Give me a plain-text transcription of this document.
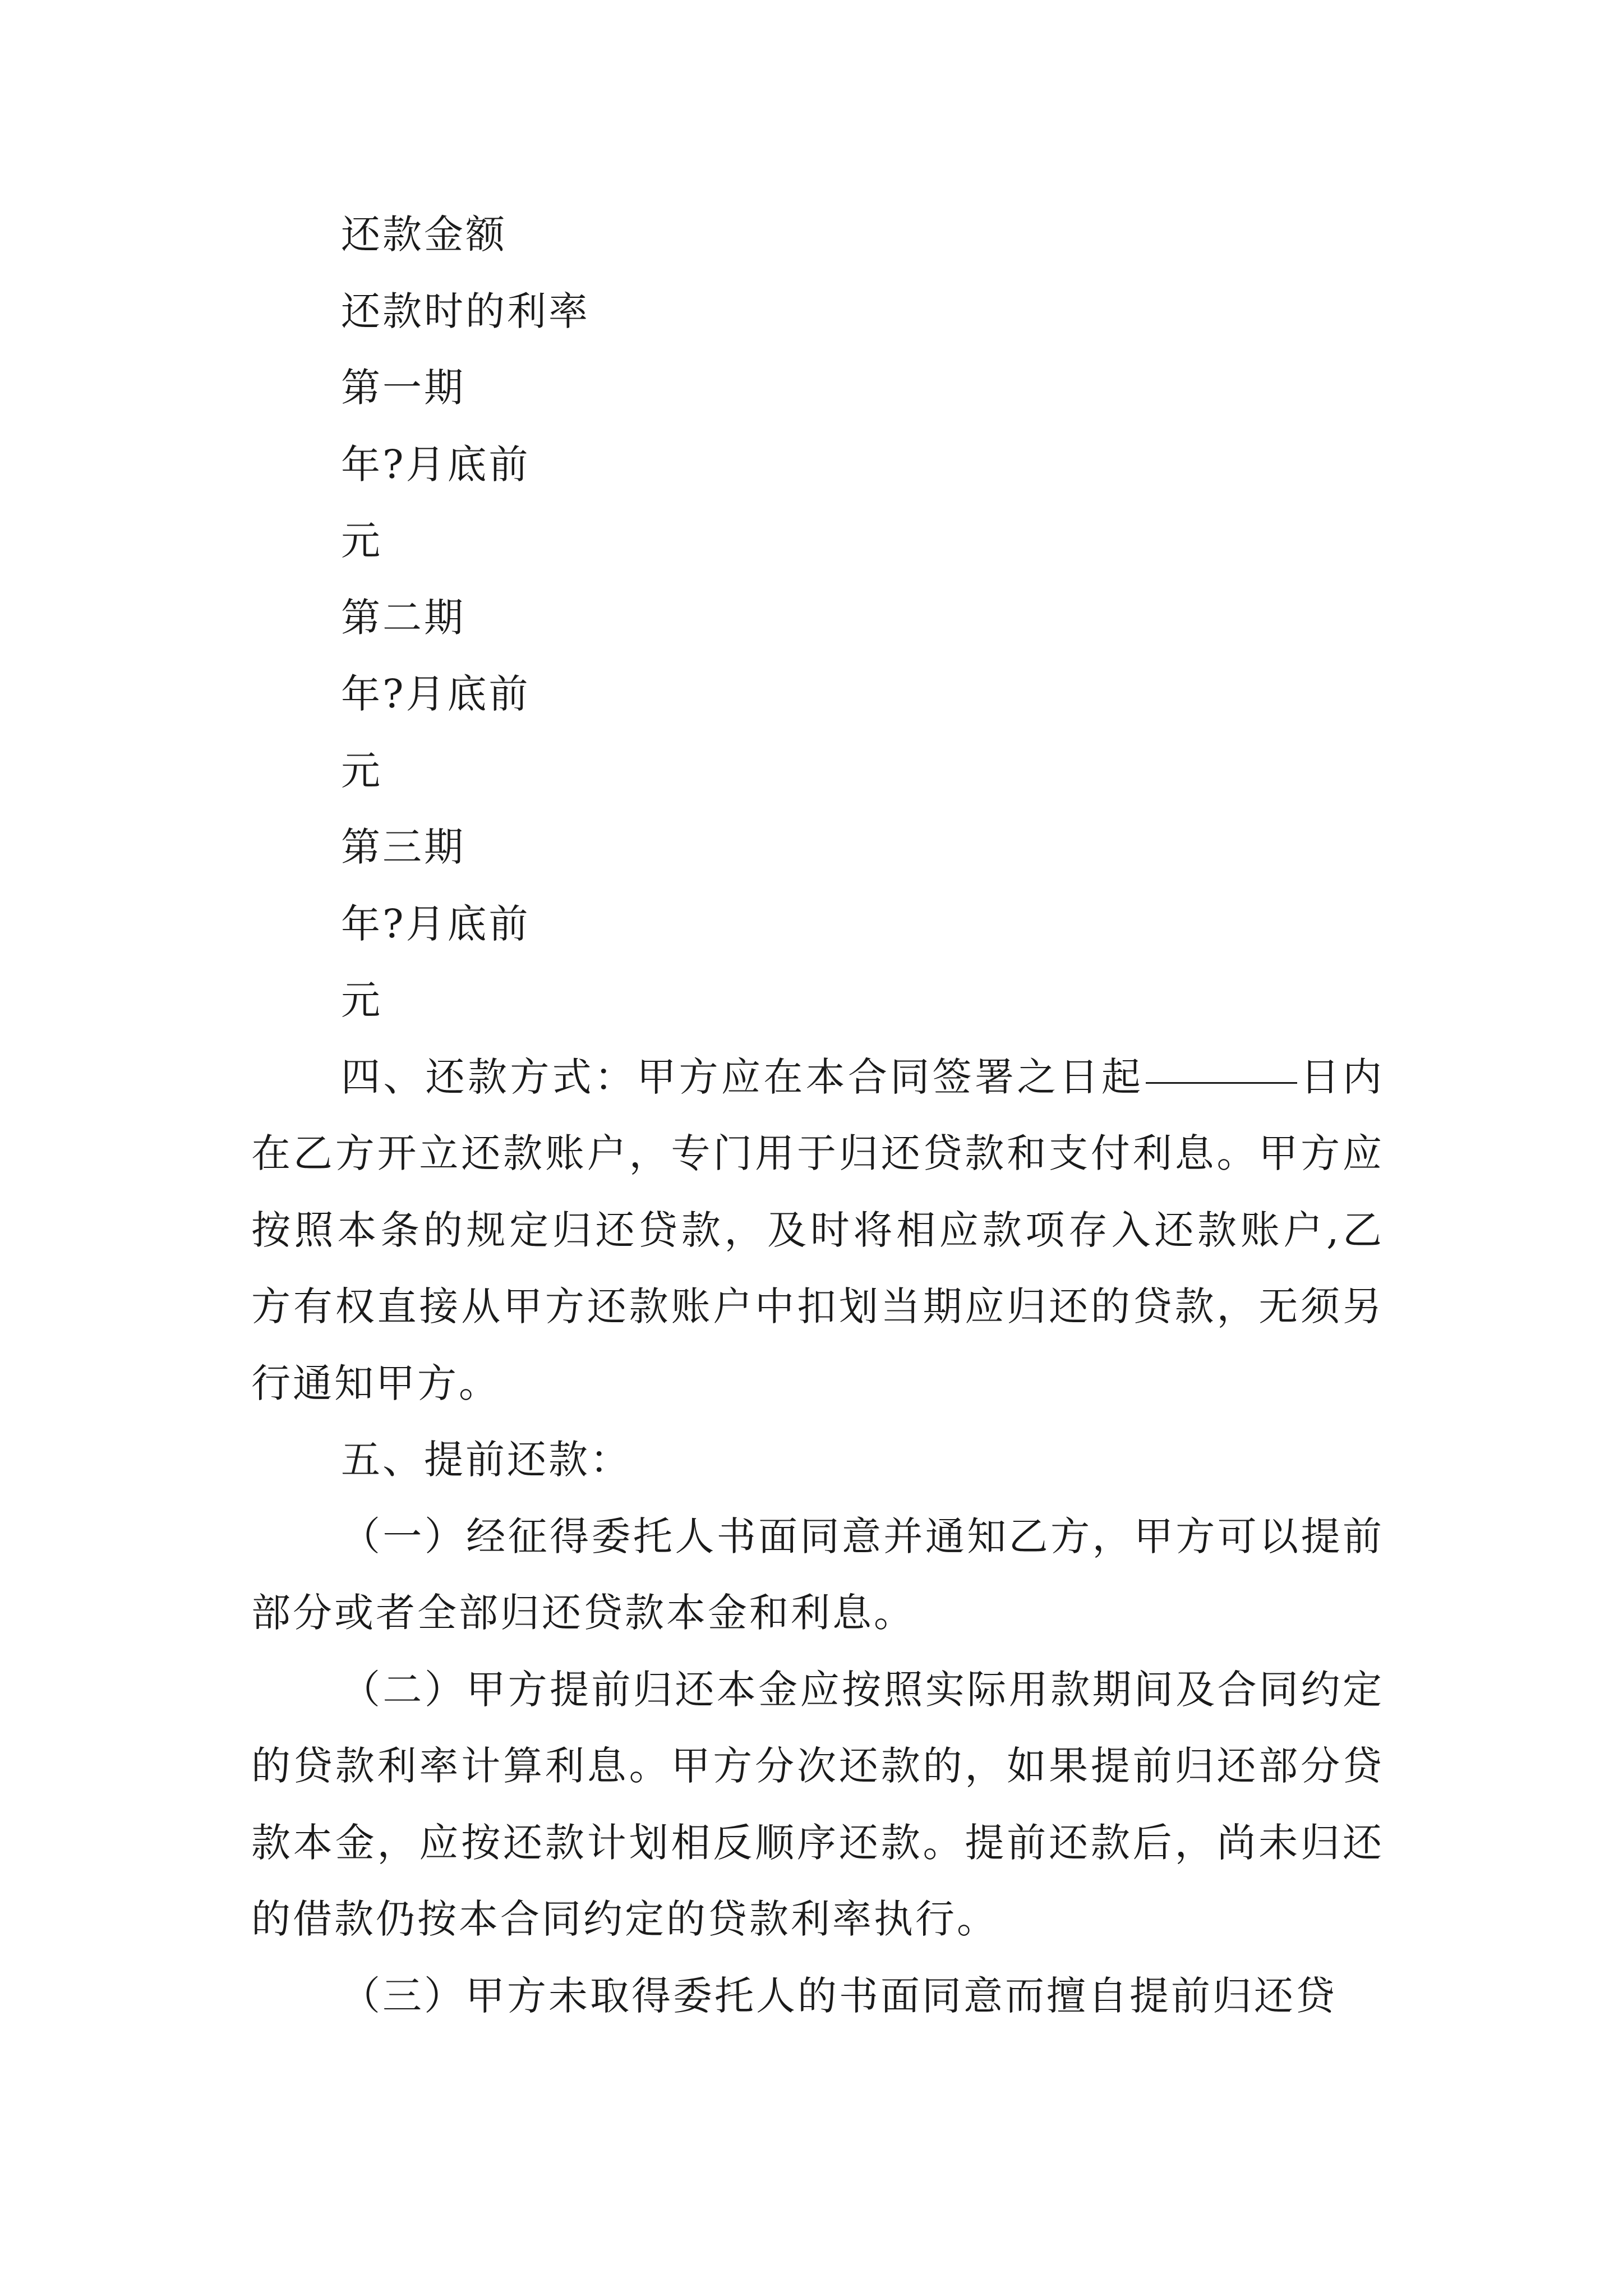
还款金额

还款时的利率

第一期

年?月底前

元

第二期

年?月底前

元

第三期

年?月底前

元

四、还款方式：甲方应在本合同签署之日起	日内在乙方开立还款账户，专门用于归还贷款和支付利息。甲方应按照本条的规定归还贷款，及时将相应款项存入还款账户,乙方有权直接从甲方还款账户中扣划当期应归还的贷款，无须另行通知甲方。

五、提前还款：

（一）经征得委托人书面同意并通知乙方，甲方可以提前部分或者全部归还贷款本金和利息。

（二）甲方提前归还本金应按照实际用款期间及合同约定的贷款利率计算利息。甲方分次还款的，如果提前归还部分贷款本金，应按还款计划相反顺序还款。提前还款后，尚未归还的借款仍按本合同约定的贷款利率执行。

（三）甲方未取得委托人的书面同意而擅自提前归还贷
